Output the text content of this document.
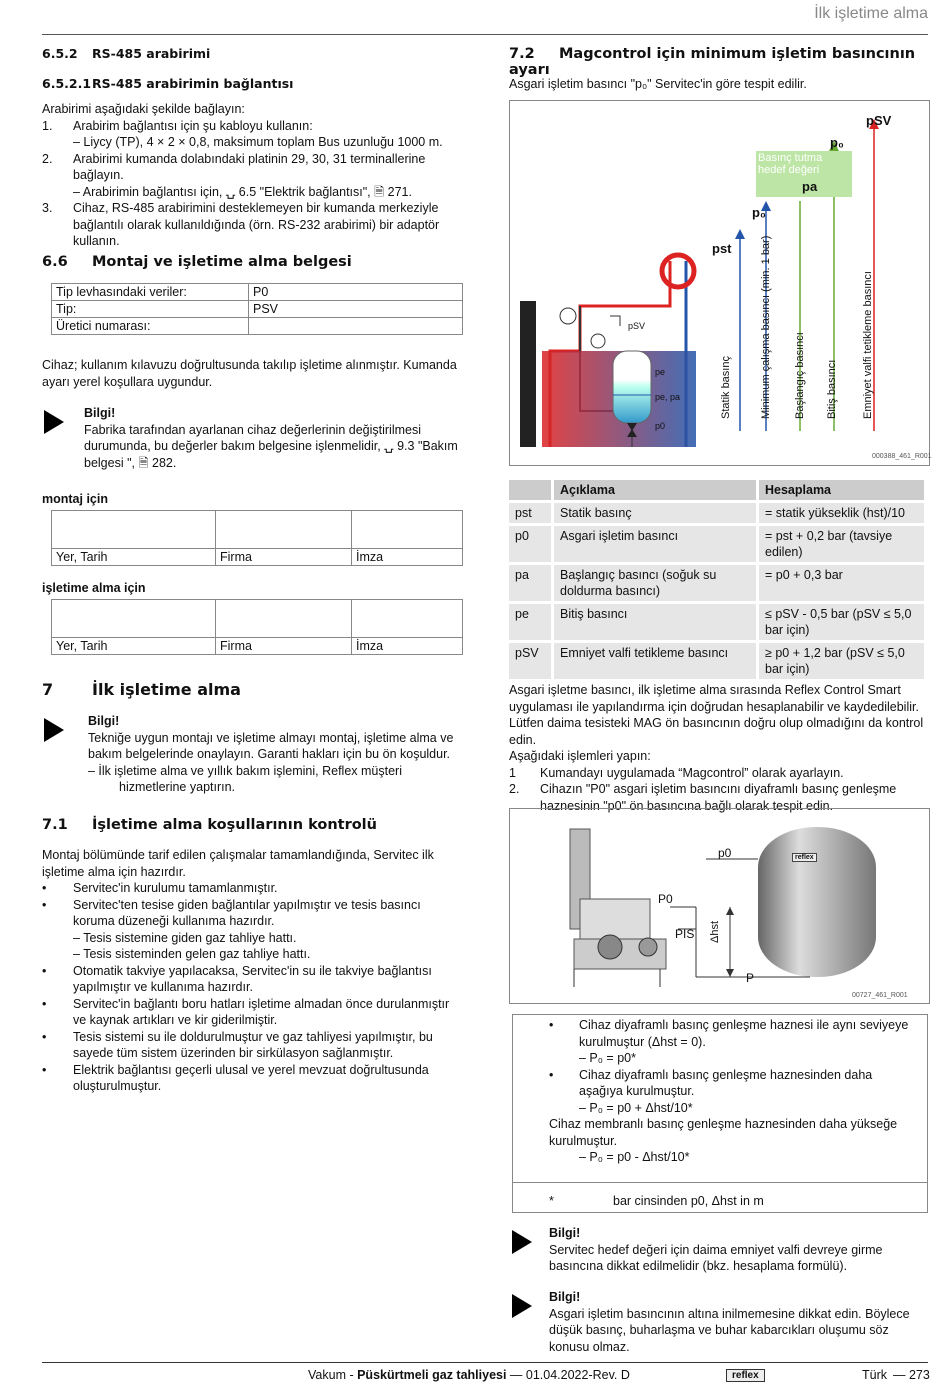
İlk işletime alma
6.5.2 RS-485 arabirimi
6.5.2.1RS-485 arabirimin bağlantısı
Arabirimi aşağıdaki şekilde bağlayın:
1. Arabirim bağlantısı için şu kabloyu kullanın:
– Liycy (TP), 4 × 2 × 0,8, maksimum toplam Bus uzunluğu 1000 m.
2. Arabirimi kumanda dolabındaki platinin 29, 30, 31 terminallerine bağlayın.
– Arabirimin bağlantısı için, ⍽ 6.5 "Elektrik bağlantısı", 🗎 271.
3. Cihaz, RS-485 arabirimini desteklemeyen bir kumanda merkeziyle bağlantılı olarak kullanıldığında (örn. RS-232 arabirimi) bir adaptör kullanın.
6.6 Montaj ve işletime alma belgesi
Tip levhasındaki veriler:	P0
Tip:	PSV
Üretici numarası:	
Cihaz; kullanım kılavuzu doğrultusunda takılıp işletime alınmıştır. Kumanda ayarı yerel koşullara uygundur.
Bilgi!
Fabrika tarafından ayarlanan cihaz değerlerinin değiştirilmesi durumunda, bu değerler bakım belgesine işlenmelidir, ⍽ 9.3 "Bakım belgesi ", 🗎 282.
montaj için

Yer, Tarih	Firma	İmza
işletime alma için

Yer, Tarih	Firma	İmza
7 İlk işletime alma
Bilgi!
Tekniğe uygun montajı ve işletime almayı montaj, işletime alma ve bakım belgelerinde onaylayın. Garanti hakları için bu ön koşuldur.
– İlk işletime alma ve yıllık bakım işlemini, Reflex müşteri hizmetlerine yaptırın.
7.1 İşletime alma koşullarının kontrolü
Montaj bölümünde tarif edilen çalışmalar tamamlandığında, Servitec ilk işletime alma için hazırdır.
• Servitec'in kurulumu tamamlanmıştır.
• Servitec'ten tesise giden bağlantılar yapılmıştır ve tesis basıncı koruma düzeneği kullanıma hazırdır.
– Tesis sistemine giden gaz tahliye hattı.
– Tesis sisteminden gelen gaz tahliye hattı.
• Otomatik takviye yapılacaksa, Servitec'in su ile takviye bağlantısı yapılmıştır ve kullanıma hazırdır.
• Servitec'in bağlantı boru hatları işletime almadan önce durulanmıştır ve kaynak artıkları ve kir giderilmiştir.
• Tesis sistemi su ile doldurulmuştur ve gaz tahliyesi yapılmıştır, bu sayede tüm sistem üzerinden bir sirkülasyon sağlanmıştır.
• Elektrik bağlantısı geçerli ulusal ve yerel mevzuat doğrultusunda oluşturulmuştur.
7.2 Magcontrol için minimum işletim basıncının ayarı
Asgari işletim basıncı "p₀" Servitec'in göre tespit edilir.
pSV
p₀
Basınç tutma hedef değeri
pa
p₀
pst
Statik basınç	Minimum çalışma basıncı (min. 1 bar) Başlangıç basıncı Bitiş basıncı Emniyet valfi tetikleme basıncı
pSV
pe
pe, pa
p0
000388_461_R001
	Açıklama	Hesaplama
pst	Statik basınç	= statik yükseklik (hst)/10
p0	Asgari işletim basıncı	= pst + 0,2 bar (tavsiye edilen)
pa	Başlangıç basıncı (soğuk su doldurma basıncı)	= p0 + 0,3 bar
pe	Bitiş basıncı	≤ pSV - 0,5 bar (pSV ≤ 5,0 bar için)
pSV	Emniyet valfi tetikleme basıncı	≥ p0 + 1,2 bar (pSV ≤ 5,0 bar için)
Asgari işletme basıncı, ilk işletime alma sırasında Reflex Control Smart uygulaması ile yapılandırma için doğrudan hesaplanabilir ve kaydedilebilir.
Lütfen daima tesisteki MAG ön basıncının doğru olup olmadığını da kontrol edin.
Aşağıdaki işlemleri yapın:
1 Kumandayı uygulamada “Magcontrol” olarak ayarlayın.
2. Cihazın "P0" asgari işletim basıncını diyaframlı basınç genleşme haznesinin "p0" ön basıncına bağlı olarak tespit edin.
p0
P0
PIS Δhst
P
reflex
00727_461_R001
• Cihaz diyaframlı basınç genleşme haznesi ile aynı seviyeye kurulmuştur (Δhst = 0).
– P₀ = p0*
• Cihaz diyaframlı basınç genleşme haznesinden daha aşağıya kurulmuştur.
– P₀ = p0 + Δhst/10*
Cihaz membranlı basınç genleşme haznesinden daha yükseğe kurulmuştur.
– P₀ = p0 - Δhst/10*
*	bar cinsinden p0, Δhst in m
Bilgi!
Servitec hedef değeri için daima emniyet valfi devreye girme basıncına dikkat edilmelidir (bkz. hesaplama formülü).
Bilgi!
Asgari işletim basıncının altına inilmemesine dikkat edin. Böylece düşük basınç, buharlaşma ve buhar kabarcıkları oluşumu söz konusu olmaz.
Vakum - Püskürtmeli gaz tahliyesi — 01.04.2022-Rev. D	reflex	Türk — 273
